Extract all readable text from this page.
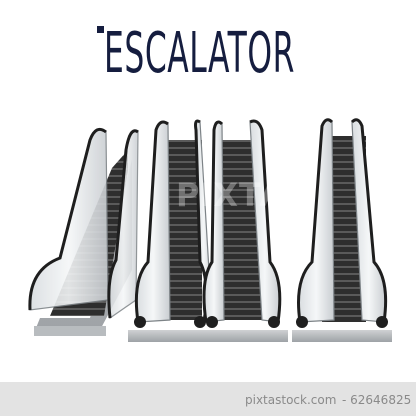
ESCALATOR
PIXTA
pixtastock.com - 62646825
